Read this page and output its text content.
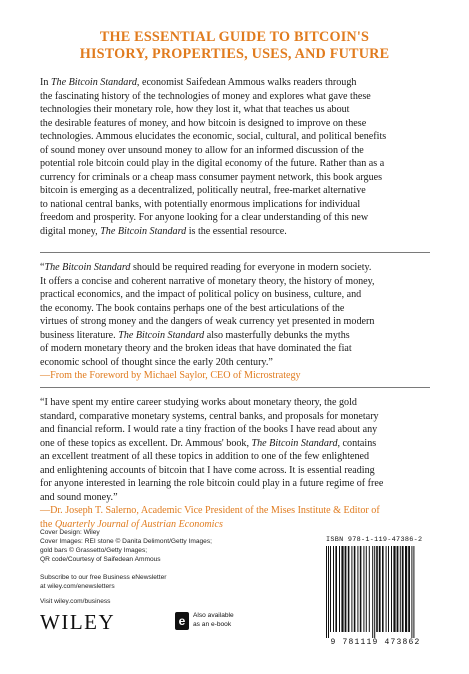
THE ESSENTIAL GUIDE TO BITCOIN'S
HISTORY, PROPERTIES, USES, AND FUTURE
In The Bitcoin Standard, economist Saifedean Ammous walks readers through
the fascinating history of the technologies of money and explores what gave these
technologies their monetary role, how they lost it, what that teaches us about
the desirable features of money, and how bitcoin is designed to improve on these
technologies. Ammous elucidates the economic, social, cultural, and political benefits
of sound money over unsound money to allow for an informed discussion of the
potential role bitcoin could play in the digital economy of the future. Rather than as a
currency for criminals or a cheap mass consumer payment network, this book argues
bitcoin is emerging as a decentralized, politically neutral, free-market alternative
to national central banks, with potentially enormous implications for individual
freedom and prosperity. For anyone looking for a clear understanding of this new
digital money, The Bitcoin Standard is the essential resource.
“The Bitcoin Standard should be required reading for everyone in modern society.
It offers a concise and coherent narrative of monetary theory, the history of money,
practical economics, and the impact of political policy on business, culture, and
the economy. The book contains perhaps one of the best articulations of the
virtues of strong money and the dangers of weak currency yet presented in modern
business literature. The Bitcoin Standard also masterfully debunks the myths
of modern monetary theory and the broken ideas that have dominated the fiat
economic school of thought since the early 20th century.”
—From the Foreword by Michael Saylor, CEO of Microstrategy
“I have spent my entire career studying works about monetary theory, the gold
standard, comparative monetary systems, central banks, and proposals for monetary
and financial reform. I would rate a tiny fraction of the books I have read about any
one of these topics as excellent. Dr. Ammous' book, The Bitcoin Standard, contains
an excellent treatment of all these topics in addition to one of the few enlightened
and enlightening accounts of bitcoin that I have come across. It is essential reading
for anyone interested in learning the role bitcoin could play in a future regime of free
and sound money.”
—Dr. Joseph T. Salerno, Academic Vice President of the Mises Institute & Editor of
the Quarterly Journal of Austrian Economics
Cover Design: Wiley
Cover Images: REI stone © Danita Delimont/Getty Images;
gold bars © Grassetto/Getty Images;
QR code/Courtesy of Saifedean Ammous
Subscribe to our free Business eNewsletter
at wiley.com/enewsletters
Visit wiley.com/business
WILEY	e	Also available
as an e-book
ISBN 978-1-119-47386-2
9 781119 473862
